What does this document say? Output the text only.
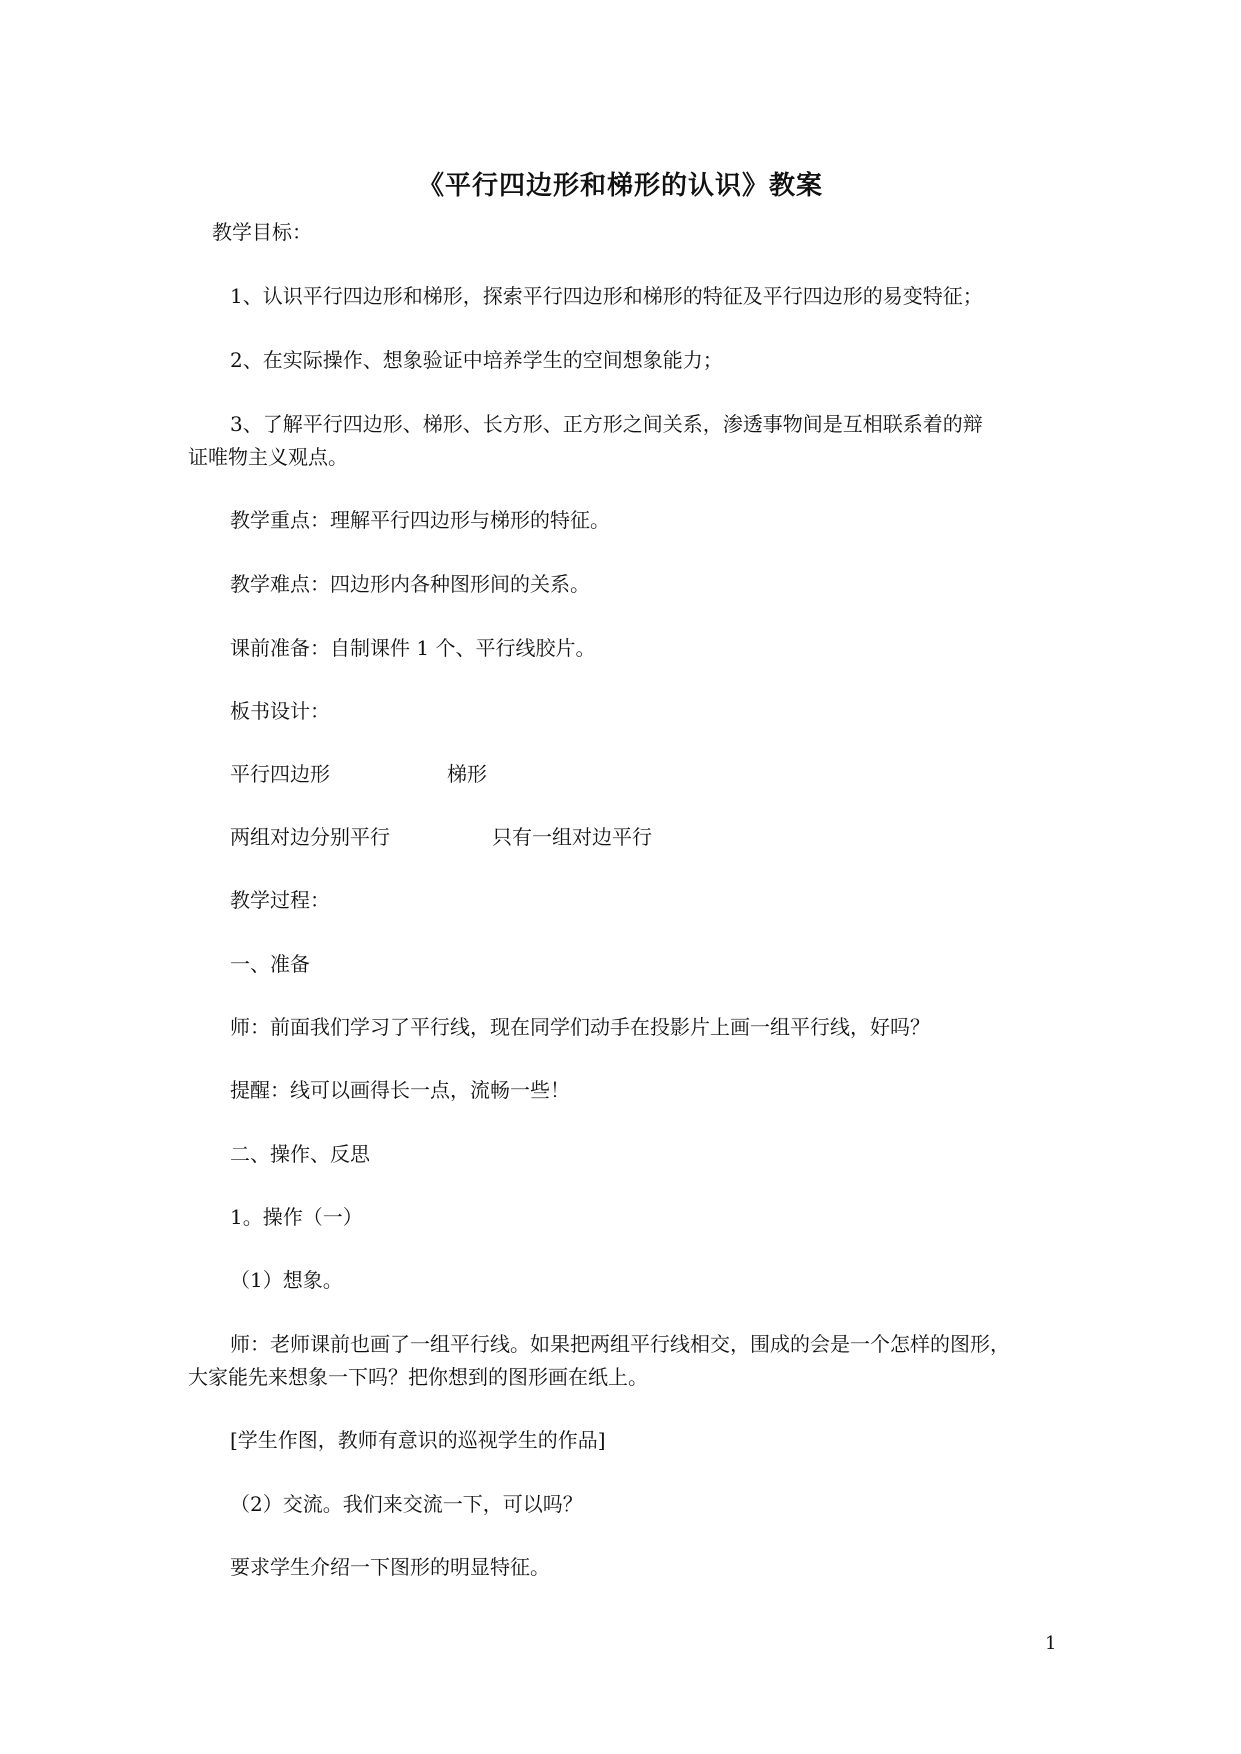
《平行四边形和梯形的认识》教案
教学目标：
1、认识平行四边形和梯形，探索平行四边形和梯形的特征及平行四边形的易变特征；
2、在实际操作、想象验证中培养学生的空间想象能力；
3、了解平行四边形、梯形、长方形、正方形之间关系，渗透事物间是互相联系着的辩
证唯物主义观点。
教学重点：理解平行四边形与梯形的特征。
教学难点：四边形内各种图形间的关系。
课前准备：自制课件 1 个、平行线胶片。
板书设计：
平行四边形	梯形
两组对边分别平行	只有一组对边平行
教学过程：
一、准备
师：前面我们学习了平行线，现在同学们动手在投影片上画一组平行线，好吗？
提醒：线可以画得长一点，流畅一些！
二、操作、反思
1。操作（一）
（1）想象。
师：老师课前也画了一组平行线。如果把两组平行线相交，围成的会是一个怎样的图形，
大家能先来想象一下吗？把你想到的图形画在纸上。
[学生作图，教师有意识的巡视学生的作品]
（2）交流。我们来交流一下，可以吗？
要求学生介绍一下图形的明显特征。
1
